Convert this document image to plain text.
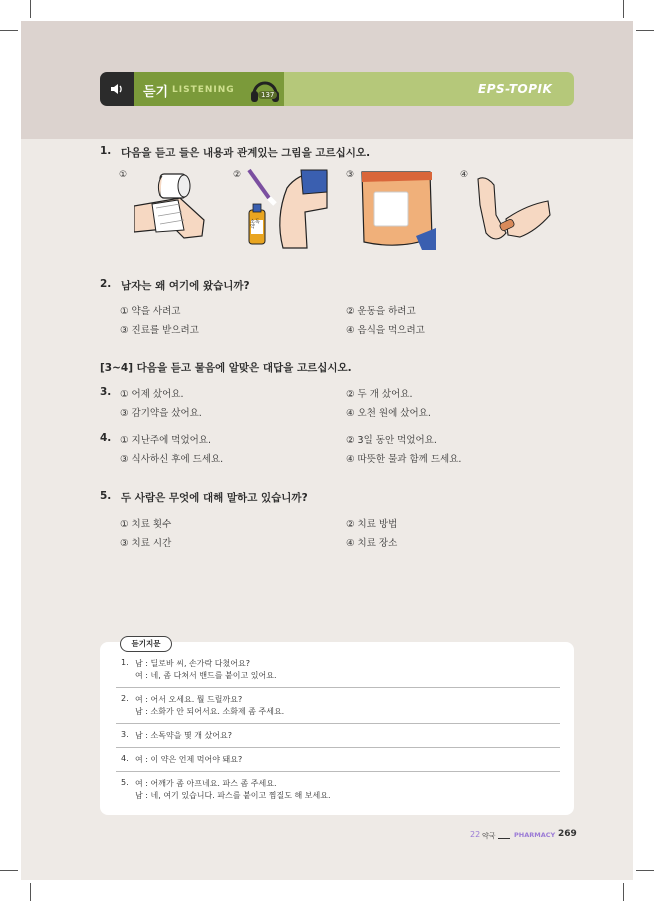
듣기 LISTENING	137	EPS-TOPIK
1. 다음을 듣고 들은 내용과 관계있는 그림을 고르십시오.
①	②	③	④
소독약
2. 남자는 왜 여기에 왔습니까?
① 약을 사려고	② 운동을 하려고
③ 진료를 받으려고	④ 음식을 먹으려고
[3~4] 다음을 듣고 물음에 알맞은 대답을 고르십시오.
3. ① 어제 샀어요.	② 두 개 샀어요.
③ 감기약을 샀어요.	④ 오천 원에 샀어요.
4. ① 지난주에 먹었어요.	② 3일 동안 먹었어요.
③ 식사하신 후에 드세요.	④ 따뜻한 물과 함께 드세요.
5. 두 사람은 무엇에 대해 말하고 있습니까?
① 치료 횟수	② 치료 방법
③ 치료 시간	④ 치료 장소
듣기지문
1. 남 : 딜로바 씨, 손가락 다쳤어요?
여 : 네, 좀 다쳐서 밴드를 붙이고 있어요.
2. 여 : 어서 오세요. 뭘 드릴까요?
남 : 소화가 안 되어서요. 소화제 좀 주세요.
3. 남 : 소독약을 몇 개 샀어요?
4. 여 : 이 약은 언제 먹어야 돼요?
5. 여 : 어깨가 좀 아프네요. 파스 좀 주세요.
남 : 네, 여기 있습니다. 파스를 붙이고 찜질도 해 보세요.
22 약국	PHARMACY 269
